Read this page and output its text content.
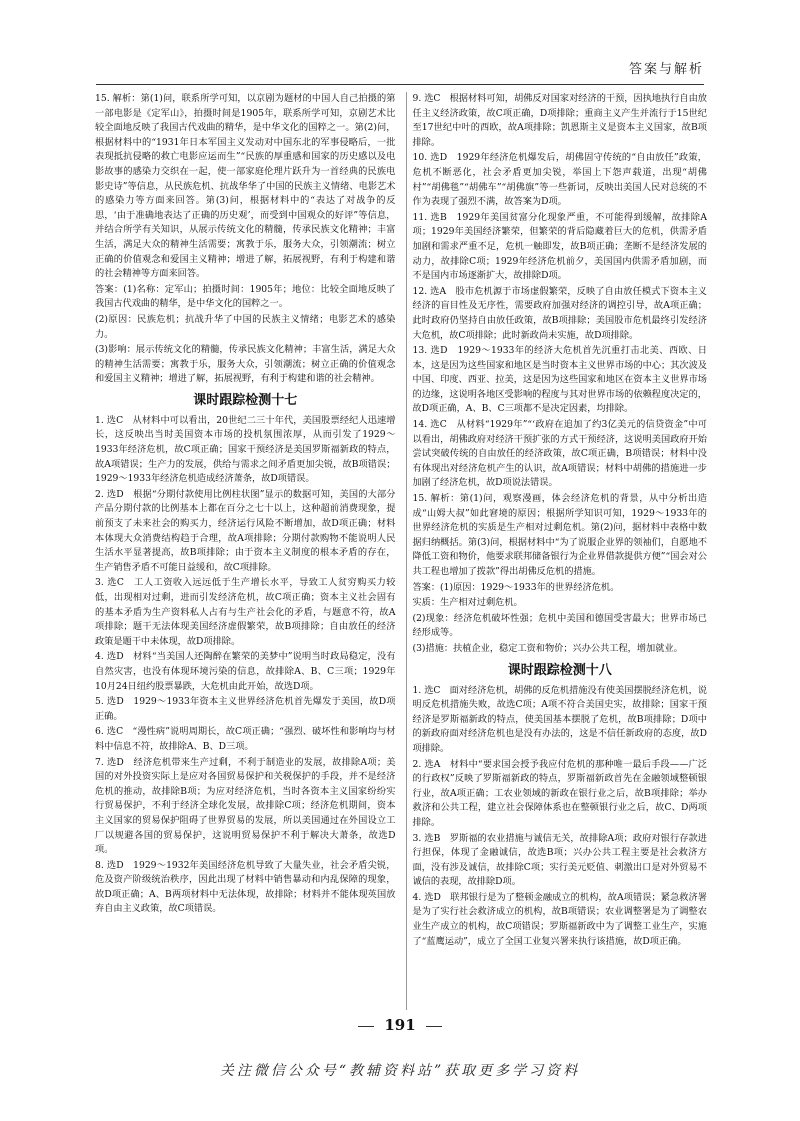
答案与解析

15. 解析：第(1)问，联系所学可知，以京剧为题材的中国人自己拍摄的第一部电影是《定军山》，拍摄时间是1905年，联系所学可知，京剧艺术比较全面地反映了我国古代戏曲的精华，是中华文化的国粹之一。第(2)问，根据材料中的“1931年日本军国主义发动对中国东北的军事侵略后，一批表现抵抗侵略的救亡电影应运而生”“民族的厚重感和国家的历史感以及电影故事的感染力交织在一起，使一部家庭伦理片跃升为一首经典的民族电影史诗”等信息，从民族危机、抗战华华了中国的民族主义情绪、电影艺术的感染力等方面来回答。第(3)问，根据材料中的“表达了对战争的反思，‘由于准确地表达了正确的历史观’，而受到中国观众的好评”等信息，并结合所学有关知识，从展示传统文化的精髓，传承民族文化精神；丰富生活，满足大众的精神生活需要；寓教于乐，服务大众，引领潮流；树立正确的价值观念和爱国主义精神；增进了解，拓展视野，有利于构建和谐的社会精神等方面来回答。

答案：(1)名称：定军山；拍摄时间：1905年；地位：比较全面地反映了我国古代戏曲的精华，是中华文化的国粹之一。

(2)原因：民族危机；抗战升华了中国的民族主义情绪；电影艺术的感染力。

(3)影响：展示传统文化的精髓，传承民族文化精神；丰富生活，满足大众的精神生活需要；寓教于乐，服务大众，引领潮流；树立正确的价值观念和爱国主义精神；增进了解，拓展视野，有利于构建和谐的社会精神。

课时跟踪检测十七

1. 选C　从材料中可以看出，20世纪二三十年代，美国股票经纪人迅速增长，这反映出当时美国资本市场的投机氛围浓厚，从而引发了1929～1933年经济危机，故C项正确；国家干预经济是美国罗斯福新政的特点，故A项错误；生产力的发展，供给与需求之间矛盾更加尖锐，故B项错误；1929～1933年经济危机造成经济萧条，故D项错误。

2. 选D　根据“分期付款使用比例柱状图”显示的数据可知，美国的大部分产品分期付款的比例基本上都在百分之七十以上，这种超前消费现象，提前预支了未来社会的购买力，经济运行风险不断增加，故D项正确；材料本体现大众消费结构趋于合理，故A项排除；分期付款购物不能说明人民生活水平显著提高，故B项排除；由于资本主义制度的根本矛盾的存在，生产销售矛盾不可能日益缓和，故C项排除。

3. 选C　工人工资收入远远低于生产增长水平，导致工人贫穷购买力较低，出现相对过剩，进而引发经济危机，故C项正确；资本主义社会固有的基本矛盾为生产资料私人占有与生产社会化的矛盾，与题意不符，故A项排除；题干无法体现美国经济虚假繁荣，故B项排除；自由放任的经济政策是題干中未体现，故D项排除。

4. 选D　材料“当美国人还陶醉在繁荣的美梦中”说明当时政局稳定，没有自然灾害，也没有体现环境污染的信息，故排除A、B、C三项；1929年10月24日纽约股票暴跌，大危机由此开始，故选D项。

5. 选D　1929～1933年资本主义世界经济危机首先爆发于美国，故D项正确。

6. 选C　“漫性病”说明周期长，故C项正确；“强烈、破坏性和影响均与材料中信息不符，故排除A、B、D三项。

7. 选D　经济危机带来生产过剩，不利于制造业的发展，故排除A项；美国的对外投资实际上是应对各国贸易保护和关税保护的手段，并不是经济危机的推动，故排除B项；为应对经济危机，当时各资本主义国家纷纷实行贸易保护，不利于经济全球化发展，故排除C项；经济危机期间，资本主义国家的贸易保护阻碍了世界贸易的发展，所以美国通过在外国设立工厂以规避各国的贸易保护，这说明贸易保护不利于解决大萧条，故选D项。

8. 选D　1929～1932年美国经济危机导致了大量失业，社会矛盾尖锐，危及资产阶级统治秩序，因此出现了材料中销售暴动和内乱保障的现象，故D项正确；A、B两项材料中无法体现，故排除；材料并不能体现英国放弃自由主义政策，故C项错误。

9. 选C　根据材料可知，胡佛反对国家对经济的干预，因执地执行自由放任主义经济政策，故C项正确，D项排除；重商主义产生并流行于15世纪至17世纪中叶的西欧，故A项排除；凯恩斯主义是资本主义国家，故B项排除。

10. 选D　1929年经济危机爆发后，胡佛固守传统的“自由放任”政策，危机不断恶化，社会矛盾更加尖锐，举国上下怨声载道，出现“胡佛村”“胡佛毯”“胡佛车”“胡佛旗”等一些新词，反映出美国人民对总统的不作为表现了强烈不满，故答案为D项。

11. 选B　1929年美国贫富分化现象严重，不可能得到缓解，故排除A项；1929年美国经济繁荣，但繁荣的背后隐藏着巨大的危机，供需矛盾加剧和需求严重不足，危机一触即发，故B项正确；垄断不是经济发展的动力，故排除C项；1929年经济危机前夕，美国国内供需矛盾加剧，而不是国内市场逐渐扩大，故排除D项。

12. 选A　股市危机源于市场虚假繁荣，反映了自由放任模式下资本主义经济的盲目性及无序性，需要政府加强对经济的调控引导，故A项正确；此时政府仍坚持自由放任政策，故B项排除；美国股市危机最终引发经济大危机，故C项排除；此时新政尚未实施，故D项排除。

13. 选D　1929～1933年的经济大危机首先沉重打击北美、西欧、日本，这是因为这些国家和地区是当时资本主义世界市场的中心；其次波及中国、印度、西亚、拉美，这是因为这些国家和地区在资本主义世界市场的边缘，这说明各地区受影响的程度与其对世界市场的依赖程度决定的，故D项正确，A、B、C三项都不是决定因素，均排除。

14. 选C　从材料“1929年”“‘政府在追加了约3亿美元的信贷资金”中可以看出，胡佛政府对经济干预扩张的方式干预经济，这说明美国政府开始尝试突破传统的自由放任的经济政策，故C项正确，B项错误；材料中没有体现出对经济危机产生的认识，故A项错误；材料中胡佛的措施进一步加剧了经济危机，故D项说法错误。

15. 解析：第(1)问，观察漫画，体会经济危机的背景，从中分析出造成“山姆大叔”如此窘境的原因；根据所学知识可知，1929～1933年的世界经济危机的实质是生产相对过剩危机。第(2)问，据材料中表格中数据归纳概括。第(3)问，根据材料中“为了说服企业界的领袖们，自愿地不降低工资和物价，他要求联邦储备银行为企业界借款提供方便”“国会对公共工程也增加了拨款”得出胡佛反危机的措施。

答案：(1)原因：1929～1933年的世界经济危机。

实质：生产相对过剩危机。

(2)现象：经济危机破坏性强；危机中美国和德国受害最大；世界市场已经形成等。

(3)措施：扶植企业，稳定工资和物价；兴办公共工程，增加就业。

课时跟踪检测十八

1. 选C　面对经济危机，胡佛的反危机措施没有使美国摆脱经济危机，说明反危机措施失败，故选C项；A项不符合美国史实，故排除；国家干预经济是罗斯福新政的特点，使美国基本摆脱了危机，故B项排除；D项中的新政府面对经济危机也是没有办法的，这是不信任新政府的态度，故D项排除。

2. 选A　材料中“要求国会授予我应付危机的那种唯一最后手段——广泛的行政权”反映了罗斯福新政的特点，罗斯福新政首先在金融领域整顿银行业，故A项正确；工农业领域的新政在银行业之后，故B项排除；举办救济和公共工程，建立社会保障体系也在整顿银行业之后，故C、D两项排除。

3. 选B　罗斯福的农业措施与诚信无关，故排除A项；政府对银行存款进行担保，体现了金融诚信，故选B项；兴办公共工程主要是社会救济方面，没有涉及诚信，故排除C项；实行美元贬值、刺激出口是对外贸易不诚信的表现，故排除D项。

4. 选D　联邦银行是为了整顿金融成立的机构，故A项错误；紧急救济署是为了实行社会救济成立的机构，故B项错误；农业调整署是为了调整农业生产成立的机构，故C项错误；罗斯福新政中为了调整工业生产，实施了“蓝鹰运动”，成立了全国工业复兴署来执行该措施，故D项正确。

191
关注微信公众号“教辅资料站”获取更多学习资料
